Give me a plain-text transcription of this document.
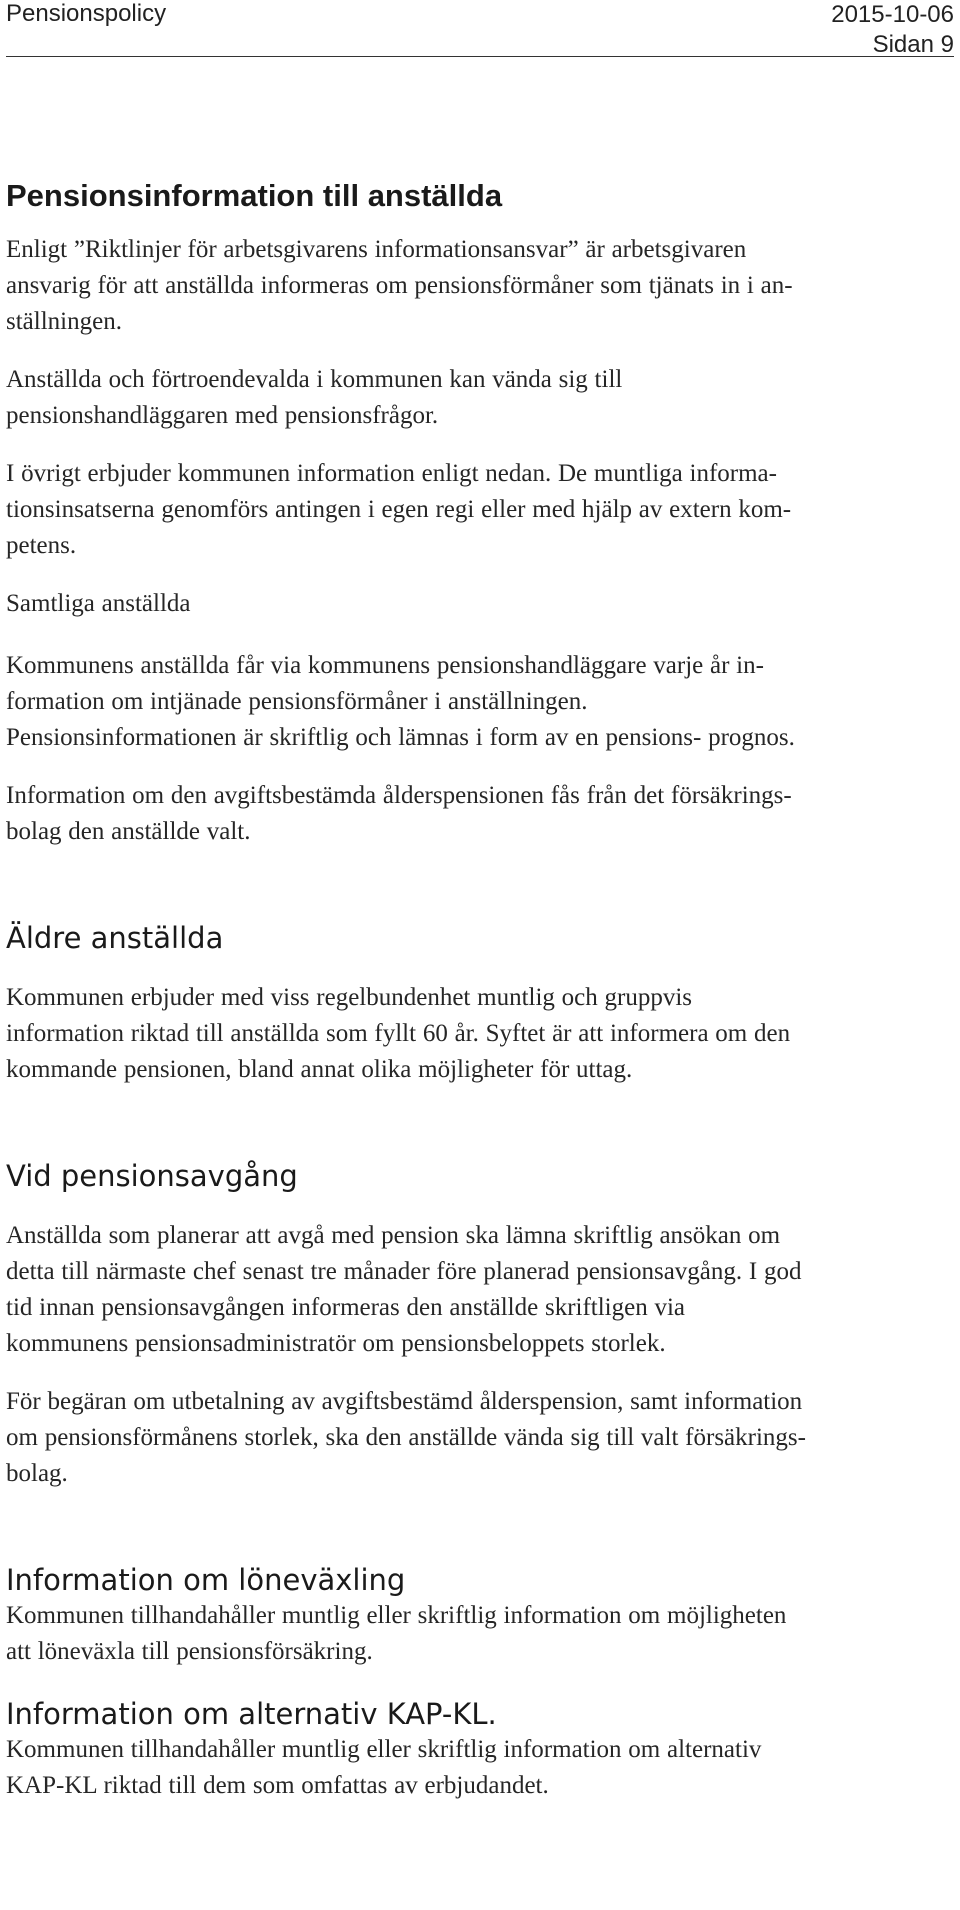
Pensionspolicy	2015-10-06
Sidan 9
Pensionsinformation till anställda

Enligt ”Riktlinjer för arbetsgivarens informationsansvar” är arbetsgivaren
ansvarig för att anställda informeras om pensionsförmåner som tjänats in i an-
ställningen.

Anställda och förtroendevalda i kommunen kan vända sig till
pensionshandläggaren med pensionsfrågor.

I övrigt erbjuder kommunen information enligt nedan. De muntliga informa-
tionsinsatserna genomförs antingen i egen regi eller med hjälp av extern kom-
petens.

Samtliga anställda

Kommunens anställda får via kommunens pensionshandläggare varje år in-
formation om intjänade pensionsförmåner i anställningen.
Pensionsinformationen är skriftlig och lämnas i form av en pensions- prognos.

Information om den avgiftsbestämda ålderspensionen fås från det försäkrings-
bolag den anställde valt.

Äldre anställda

Kommunen erbjuder med viss regelbundenhet muntlig och gruppvis
information riktad till anställda som fyllt 60 år. Syftet är att informera om den
kommande pensionen, bland annat olika möjligheter för uttag.

Vid pensionsavgång

Anställda som planerar att avgå med pension ska lämna skriftlig ansökan om
detta till närmaste chef senast tre månader före planerad pensionsavgång. I god
tid innan pensionsavgången informeras den anställde skriftligen via
kommunens pensionsadministratör om pensionsbeloppets storlek.

För begäran om utbetalning av avgiftsbestämd ålderspension, samt information
om pensionsförmånens storlek, ska den anställde vända sig till valt försäkrings-
bolag.

Information om löneväxling

Kommunen tillhandahåller muntlig eller skriftlig information om möjligheten
att löneväxla till pensionsförsäkring.

Information om alternativ KAP-KL.

Kommunen tillhandahåller muntlig eller skriftlig information om alternativ
KAP-KL riktad till dem som omfattas av erbjudandet.
